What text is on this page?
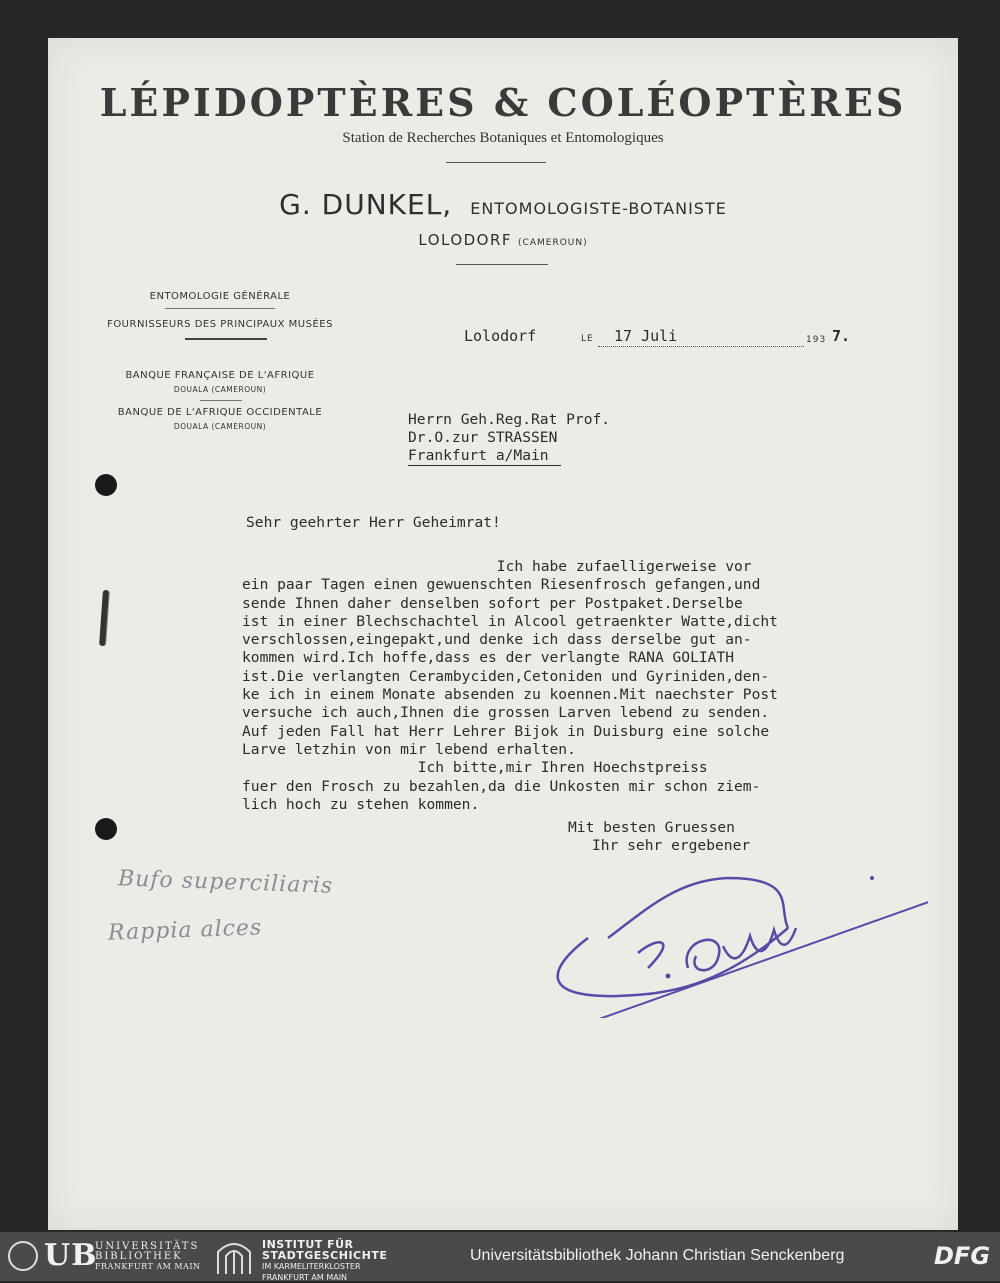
LÉPIDOPTÈRES & COLÉOPTÈRES
Station de Recherches Botaniques et Entomologiques
G. DUNKEL, ENTOMOLOGISTE-BOTANISTE
LOLODORF (CAMEROUN)
ENTOMOLOGIE GÉNÉRALE
FOURNISSEURS DES PRINCIPAUX MUSÉES
BANQUE FRANÇAISE DE L'AFRIQUE
DOUALA (CAMEROUN)
BANQUE DE L'AFRIQUE OCCIDENTALE
DOUALA (CAMEROUN)
Lolodorf	LE 17 Juli	193 7.
Herrn Geh.Reg.Rat Prof.
Dr.O.zur STRASSEN
Frankfurt a/Main
Sehr geehrter Herr Geheimrat!
Ich habe zufaelligerweise vor
ein paar Tagen einen gewuenschten Riesenfrosch gefangen,und
sende Ihnen daher denselben sofort per Postpaket.Derselbe
ist in einer Blechschachtel in Alcool getraenkter Watte,dicht
verschlossen,eingepakt,und denke ich dass derselbe gut an-
kommen wird.Ich hoffe,dass es der verlangte RANA GOLIATH
ist.Die verlangten Cerambyciden,Cetoniden und Gyriniden,den-
ke ich in einem Monate absenden zu koennen.Mit naechster Post
versuche ich auch,Ihnen die grossen Larven lebend zu senden.
Auf jeden Fall hat Herr Lehrer Bijok in Duisburg eine solche
Larve letzhin von mir lebend erhalten.
Ich bitte,mir Ihren Hoechstpreiss
fuer den Frosch zu bezahlen,da die Unkosten mir schon ziem-
lich hoch zu stehen kommen.
Mit besten Gruessen
Ihr sehr ergebener
Bufo superciliaris
Rappia alces
UB
UNIVERSITÄTS
BIBLIOTHEK
FRANKFURT AM MAIN
INSTITUT FÜR
STADTGESCHICHTE
IM KARMELITERKLOSTER
FRANKFURT AM MAIN
Universitätsbibliothek Johann Christian Senckenberg	DFG
